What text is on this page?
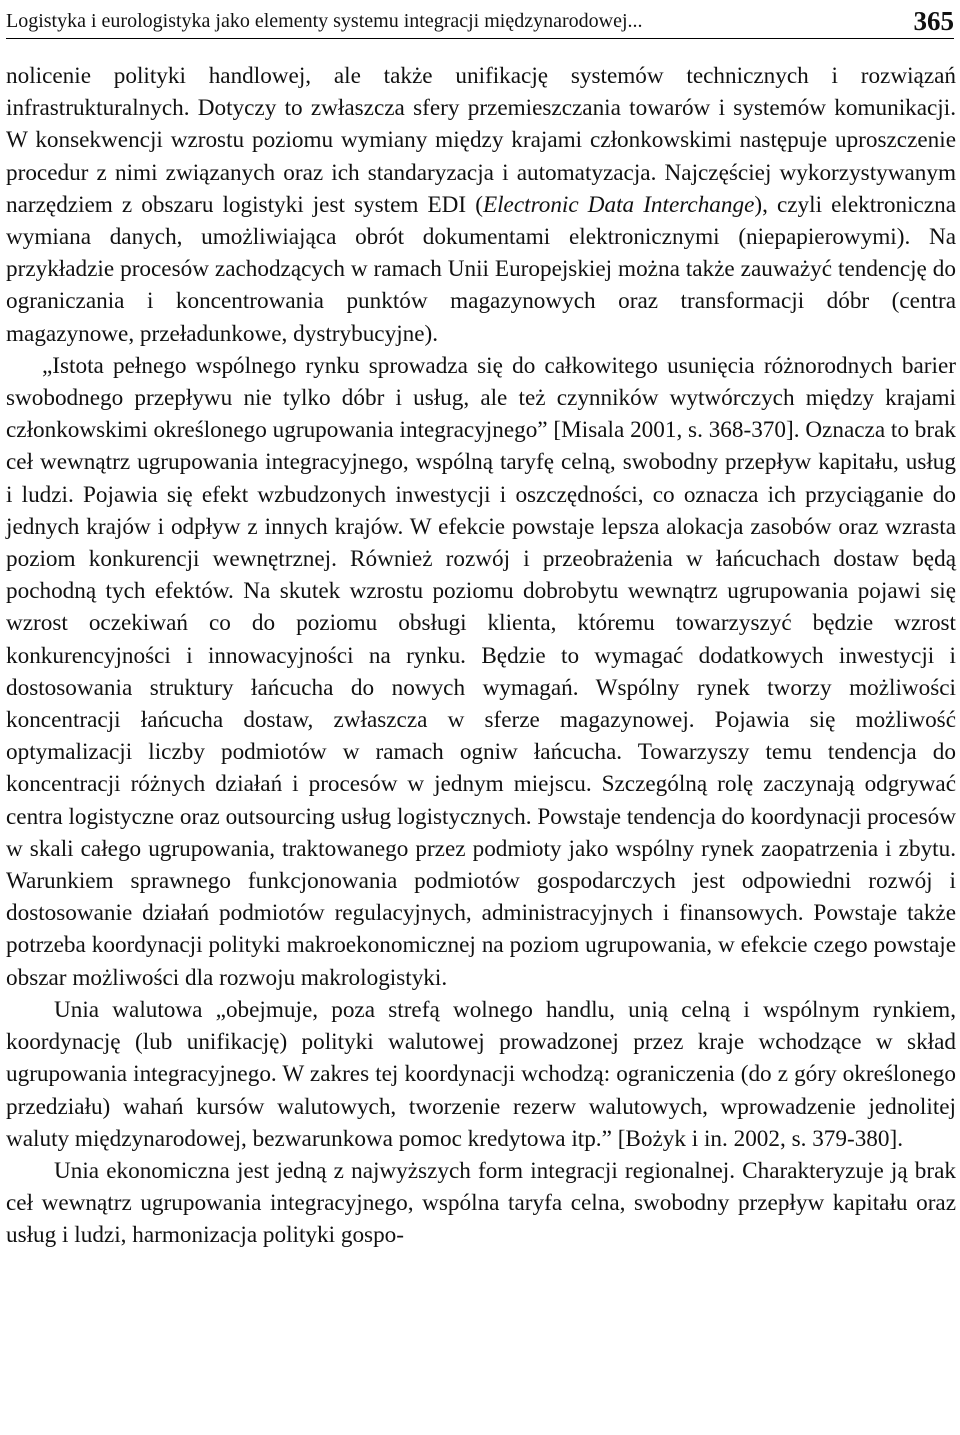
Logistyka i eurologistyka jako elementy systemu integracji międzynarodowej...	365

nolicenie polityki handlowej, ale także unifikację systemów technicznych i rozwiązań infrastrukturalnych. Dotyczy to zwłaszcza sfery przemieszczania towarów i systemów komunikacji. W konsekwencji wzrostu poziomu wymiany między krajami członkowskimi następuje uproszczenie procedur z nimi związanych oraz ich standaryzacja i automatyzacja. Najczęściej wykorzystywanym narzędziem z obszaru logistyki jest system EDI (Electronic Data Interchange), czyli elektroniczna wymiana danych, umożliwiająca obrót dokumentami elektronicznymi (niepapierowymi). Na przykładzie procesów zachodzących w ramach Unii Europejskiej można także zauważyć tendencję do ograniczania i koncentrowania punktów magazynowych oraz transformacji dóbr (centra magazynowe, przeładunkowe, dystrybucyjne).

„Istota pełnego wspólnego rynku sprowadza się do całkowitego usunięcia różnorodnych barier swobodnego przepływu nie tylko dóbr i usług, ale też czynników wytwórczych między krajami członkowskimi określonego ugrupowania integracyjnego” [Misala 2001, s. 368-370]. Oznacza to brak ceł wewnątrz ugrupowania integracyjnego, wspólną taryfę celną, swobodny przepływ kapitału, usług i ludzi. Pojawia się efekt wzbudzonych inwestycji i oszczędności, co oznacza ich przyciąganie do jednych krajów i odpływ z innych krajów. W efekcie powstaje lepsza alokacja zasobów oraz wzrasta poziom konkurencji wewnętrznej. Również rozwój i przeobrażenia w łańcuchach dostaw będą pochodną tych efektów. Na skutek wzrostu poziomu dobrobytu wewnątrz ugrupowania pojawi się wzrost oczekiwań co do poziomu obsługi klienta, któremu towarzyszyć będzie wzrost konkurencyjności i innowacyjności na rynku. Będzie to wymagać dodatkowych inwestycji i dostosowania struktury łańcucha do nowych wymagań. Wspólny rynek tworzy możliwości koncentracji łańcucha dostaw, zwłaszcza w sferze magazynowej. Pojawia się możliwość optymalizacji liczby podmiotów w ramach ogniw łańcucha. Towarzyszy temu tendencja do koncentracji różnych działań i procesów w jednym miejscu. Szczególną rolę zaczynają odgrywać centra logistyczne oraz outsourcing usług logistycznych. Powstaje tendencja do koordynacji procesów w skali całego ugrupowania, traktowanego przez podmioty jako wspólny rynek zaopatrzenia i zbytu. Warunkiem sprawnego funkcjonowania podmiotów gospodarczych jest odpowiedni rozwój i dostosowanie działań podmiotów regulacyjnych, administracyjnych i finansowych. Powstaje także potrzeba koordynacji polityki makroekonomicznej na poziom ugrupowania, w efekcie czego powstaje obszar możliwości dla rozwoju makrologistyki.

Unia walutowa „obejmuje, poza strefą wolnego handlu, unią celną i wspólnym rynkiem, koordynację (lub unifikację) polityki walutowej prowadzonej przez kraje wchodzące w skład ugrupowania integracyjnego. W zakres tej koordynacji wchodzą: ograniczenia (do z góry określonego przedziału) wahań kursów walutowych, tworzenie rezerw walutowych, wprowadzenie jednolitej waluty międzynarodowej, bezwarunkowa pomoc kredytowa itp.” [Bożyk i in. 2002, s. 379-380].

Unia ekonomiczna jest jedną z najwyższych form integracji regionalnej. Charakteryzuje ją brak ceł wewnątrz ugrupowania integracyjnego, wspólna taryfa celna, swobodny przepływ kapitału oraz usług i ludzi, harmonizacja polityki gospo-
